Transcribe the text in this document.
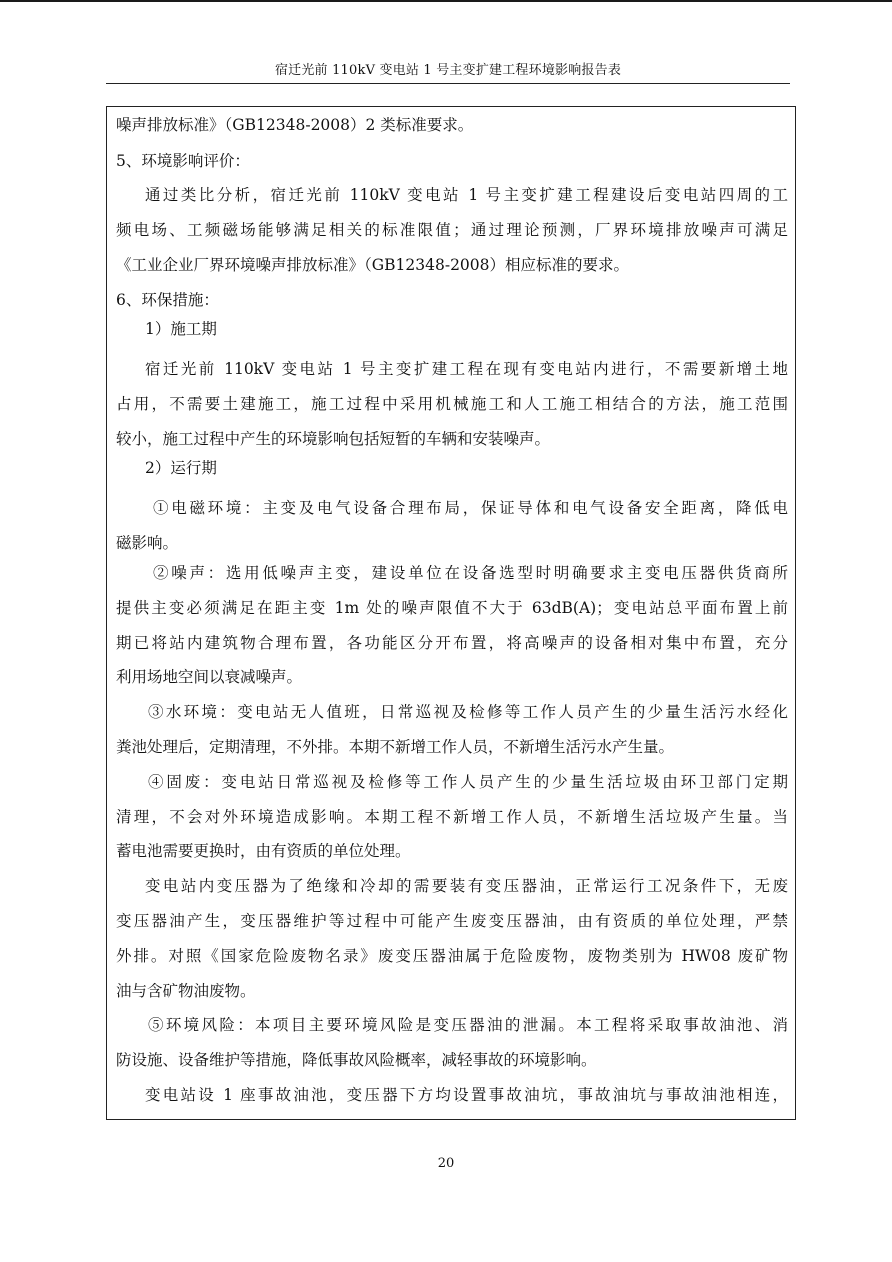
宿迁光前 110kV 变电站 1 号主变扩建工程环境影响报告表
噪声排放标准》（GB12348-2008）2 类标准要求。
5、环境影响评价：
通过类比分析，宿迁光前 110kV 变电站 1 号主变扩建工程建设后变电站四周的工
频电场、工频磁场能够满足相关的标准限值；通过理论预测，厂界环境排放噪声可满足
《工业企业厂界环境噪声排放标准》（GB12348-2008）相应标准的要求。
6、环保措施：
1）施工期
宿迁光前 110kV 变电站 1 号主变扩建工程在现有变电站内进行，不需要新增土地
占用，不需要土建施工，施工过程中采用机械施工和人工施工相结合的方法，施工范围
较小，施工过程中产生的环境影响包括短暂的车辆和安装噪声。
2）运行期
①电磁环境：主变及电气设备合理布局，保证导体和电气设备安全距离，降低电
磁影响。
②噪声：选用低噪声主变，建设单位在设备选型时明确要求主变电压器供货商所
提供主变必须满足在距主变 1m 处的噪声限值不大于 63dB(A)；变电站总平面布置上前
期已将站内建筑物合理布置，各功能区分开布置，将高噪声的设备相对集中布置，充分
利用场地空间以衰减噪声。
③水环境：变电站无人值班，日常巡视及检修等工作人员产生的少量生活污水经化
粪池处理后，定期清理，不外排。本期不新增工作人员，不新增生活污水产生量。
④固废：变电站日常巡视及检修等工作人员产生的少量生活垃圾由环卫部门定期
清理，不会对外环境造成影响。本期工程不新增工作人员，不新增生活垃圾产生量。当
蓄电池需要更换时，由有资质的单位处理。
变电站内变压器为了绝缘和冷却的需要装有变压器油，正常运行工况条件下，无废
变压器油产生，变压器维护等过程中可能产生废变压器油，由有资质的单位处理，严禁
外排。对照《国家危险废物名录》废变压器油属于危险废物，废物类别为 HW08 废矿物
油与含矿物油废物。
⑤环境风险：本项目主要环境风险是变压器油的泄漏。本工程将采取事故油池、消
防设施、设备维护等措施，降低事故风险概率，减轻事故的环境影响。
变电站设 1 座事故油池，变压器下方均设置事故油坑，事故油坑与事故油池相连，
20
